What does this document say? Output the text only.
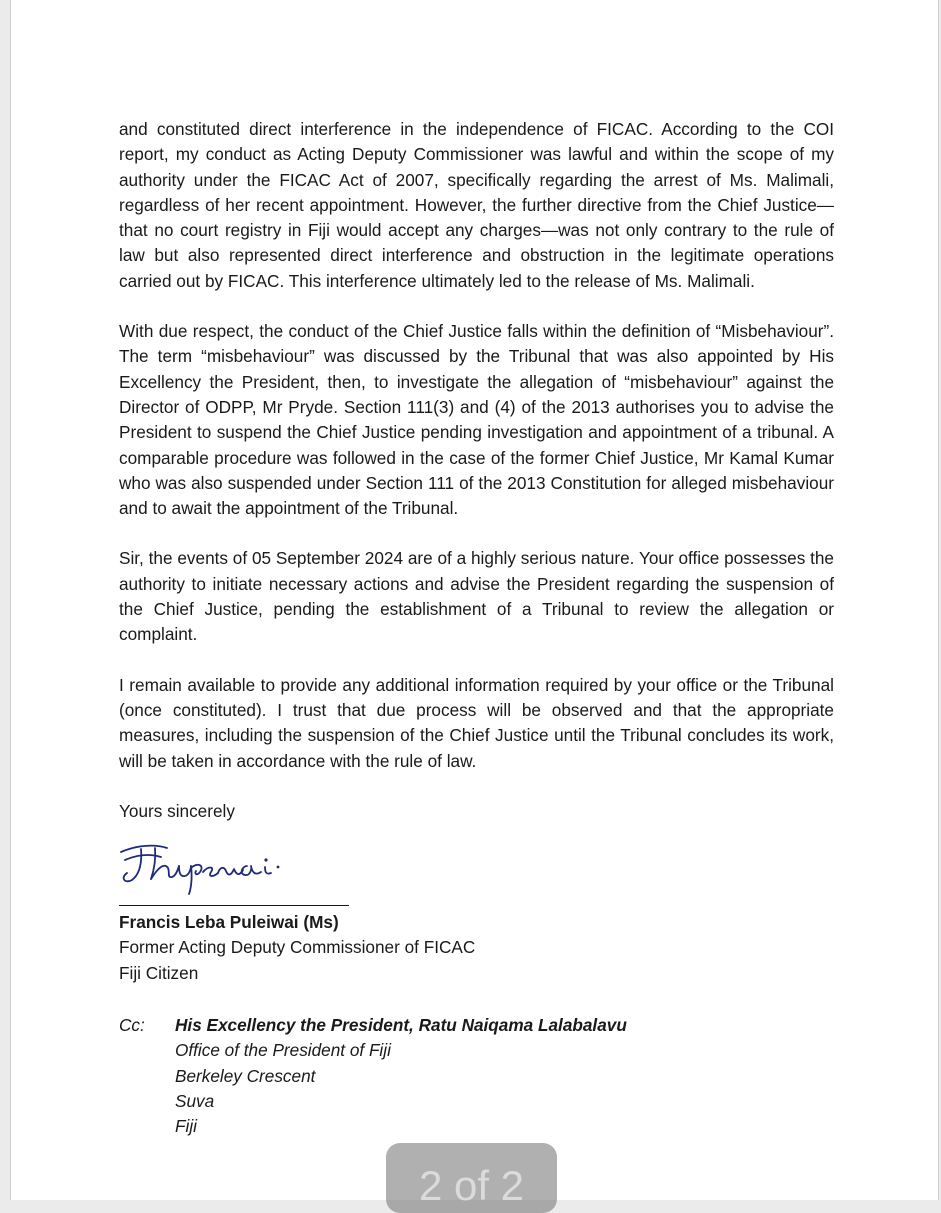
and constituted direct interference in the independence of FICAC. According to the COI report, my conduct as Acting Deputy Commissioner was lawful and within the scope of my authority under the FICAC Act of 2007, specifically regarding the arrest of Ms. Malimali, regardless of her recent appointment. However, the further directive from the Chief Justice—that no court registry in Fiji would accept any charges—was not only contrary to the rule of law but also represented direct interference and obstruction in the legitimate operations carried out by FICAC. This interference ultimately led to the release of Ms. Malimali.

With due respect, the conduct of the Chief Justice falls within the definition of “Misbehaviour”. The term “misbehaviour” was discussed by the Tribunal that was also appointed by His Excellency the President, then, to investigate the allegation of “misbehaviour” against the Director of ODPP, Mr Pryde. Section 111(3) and (4) of the 2013 authorises you to advise the President to suspend the Chief Justice pending investigation and appointment of a tribunal. A comparable procedure was followed in the case of the former Chief Justice, Mr Kamal Kumar who was also suspended under Section 111 of the 2013 Constitution for alleged misbehaviour and to await the appointment of the Tribunal.

Sir, the events of 05 September 2024 are of a highly serious nature. Your office possesses the authority to initiate necessary actions and advise the President regarding the suspension of the Chief Justice, pending the establishment of a Tribunal to review the allegation or complaint.

I remain available to provide any additional information required by your office or the Tribunal (once constituted). I trust that due process will be observed and that the appropriate measures, including the suspension of the Chief Justice until the Tribunal concludes its work, will be taken in accordance with the rule of law.

Yours sincerely

Francis Leba Puleiwai (Ms)
Former Acting Deputy Commissioner of FICAC
Fiji Citizen
Cc:	His Excellency the President, Ratu Naiqama Lalabalavu
Office of the President of Fiji
Berkeley Crescent
Suva
Fiji
2 of 2
